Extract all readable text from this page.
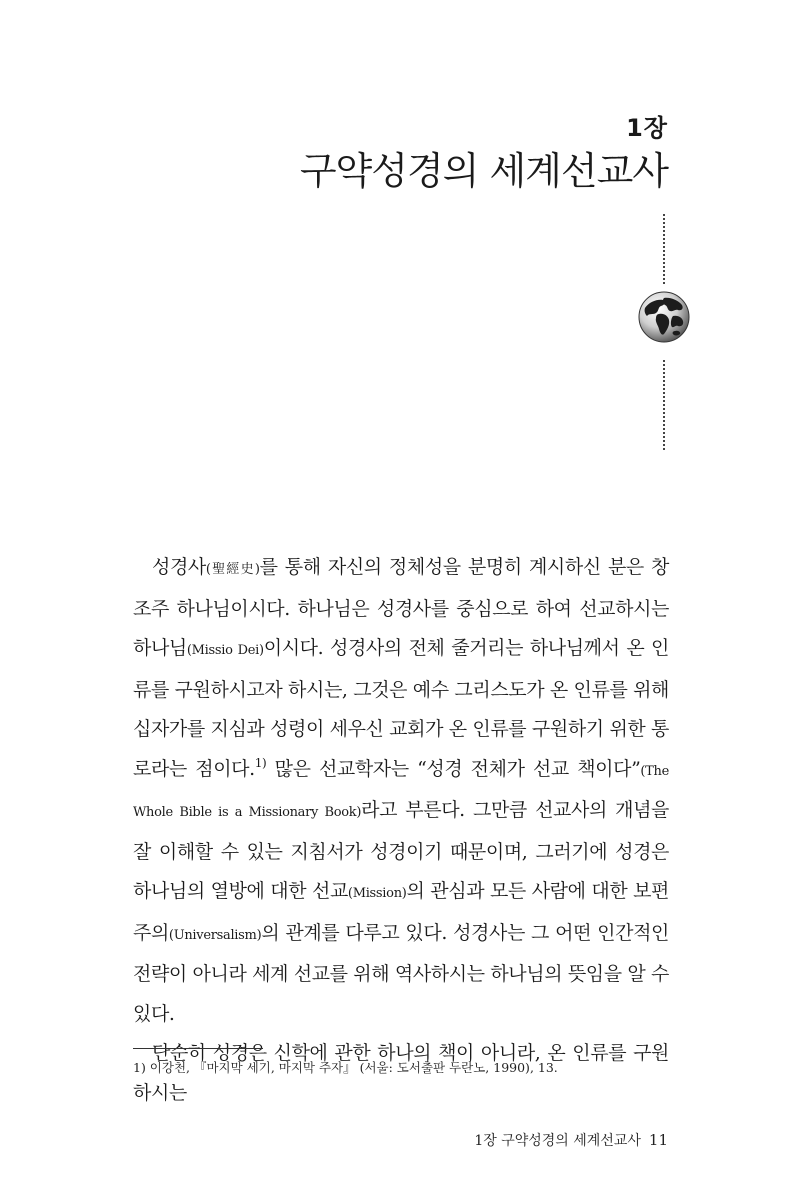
1장
구약성경의 세계선교사

성경사(聖經史)를 통해 자신의 정체성을 분명히 계시하신 분은 창조주 하나님이시다. 하나님은 성경사를 중심으로 하여 선교하시는 하나님(Missio Dei)이시다. 성경사의 전체 줄거리는 하나님께서 온 인류를 구원하시고자 하시는, 그것은 예수 그리스도가 온 인류를 위해 십자가를 지심과 성령이 세우신 교회가 온 인류를 구원하기 위한 통로라는 점이다.$^{1)}$ 많은 선교학자는 “성경 전체가 선교 책이다”(The Whole Bible is a Missionary Book)라고 부른다. 그만큼 선교사의 개념을 잘 이해할 수 있는 지침서가 성경이기 때문이며, 그러기에 성경은 하나님의 열방에 대한 선교(Mission)의 관심과 모든 사람에 대한 보편주의(Universalism)의 관계를 다루고 있다. 성경사는 그 어떤 인간적인 전략이 아니라 세계 선교를 위해 역사하시는 하나님의 뜻임을 알 수 있다.

단순히 성경은 신학에 관한 하나의 책이 아니라, 온 인류를 구원하시는

1) 이강천, 『마지막 세기, 마지막 주자』 (서울: 도서출판 두란노, 1990), 13.
1장 구약성경의 세계선교사 11
